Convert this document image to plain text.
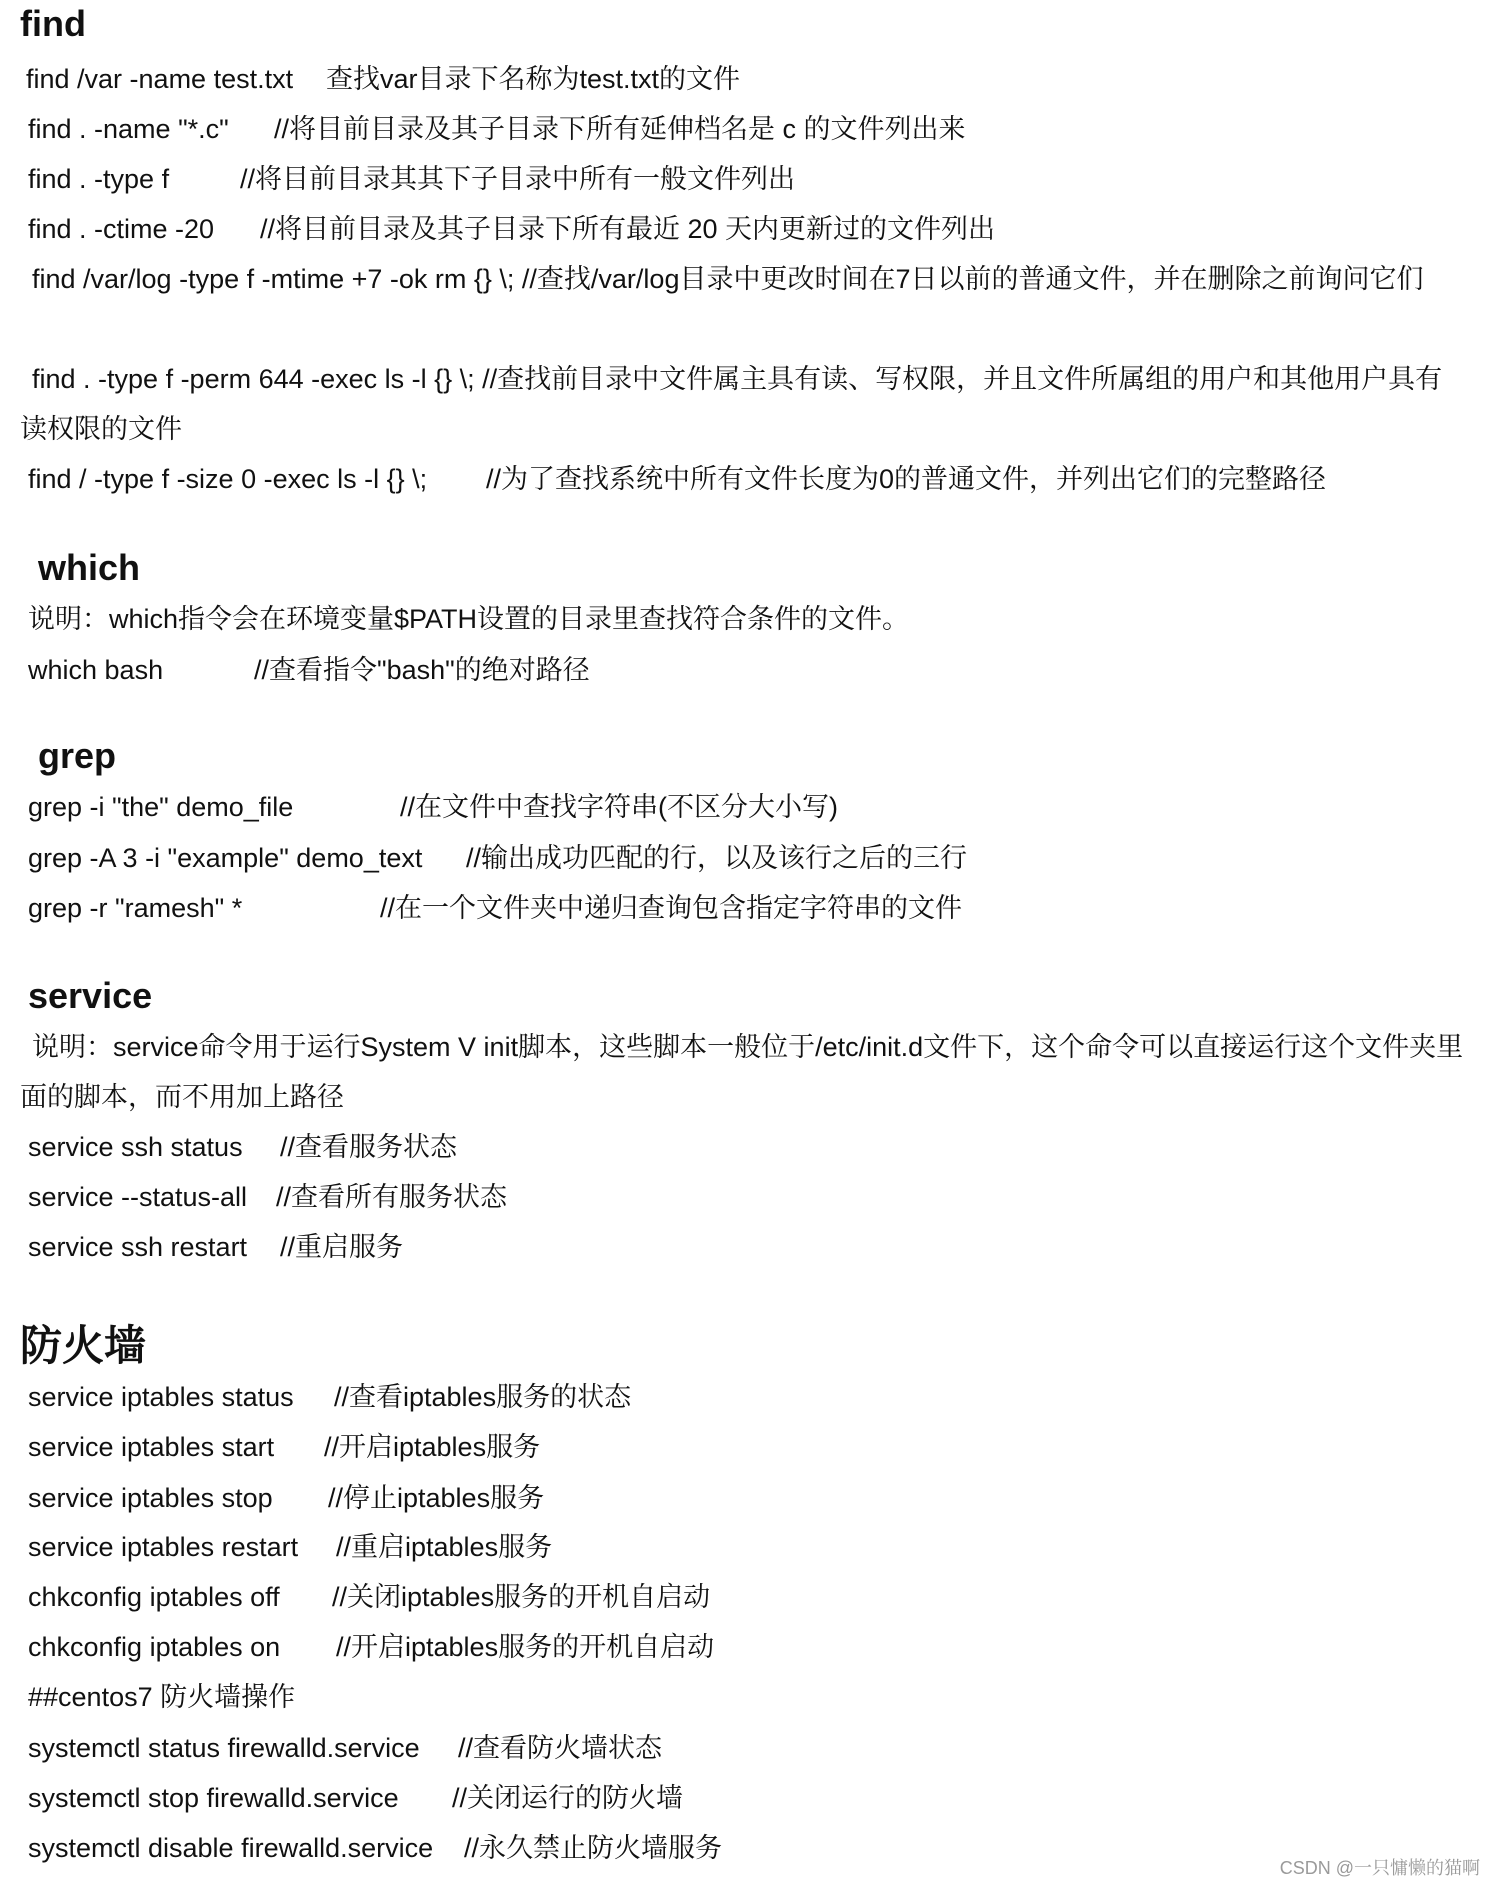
find
find /var -name test.txt 查找var目录下名称为test.txt的文件
find . -name "*.c" //将目前目录及其子目录下所有延伸档名是 c 的文件列出来
find . -type f	//将目前目录其其下子目录中所有一般文件列出
find . -ctime -20 //将目前目录及其子目录下所有最近 20 天内更新过的文件列出
find /var/log -type f -mtime +7 -ok rm {} \; //查找/var/log目录中更改时间在7日以前的普通文件，并在删除之前询问它们
find . -type f -perm 644 -exec ls -l {} \; //查找前目录中文件属主具有读、写权限，并且文件所属组的用户和其他用户具有读权限的文件
find / -type f -size 0 -exec ls -l {} \; //为了查找系统中所有文件长度为0的普通文件，并列出它们的完整路径
which
说明：which指令会在环境变量$PATH设置的目录里查找符合条件的文件。
which bash	//查看指令"bash"的绝对路径
grep
grep -i "the" demo_file	//在文件中查找字符串(不区分大小写)
grep -A 3 -i "example" demo_text //输出成功匹配的行，以及该行之后的三行
grep -r "ramesh" *	//在一个文件夹中递归查询包含指定字符串的文件
service
说明：service命令用于运行System V init脚本，这些脚本一般位于/etc/init.d文件下，这个命令可以直接运行这个文件夹里面的脚本，而不用加上路径
service ssh status //查看服务状态
service --status-all //查看所有服务状态
service ssh restart //重启服务
防火墙
service iptables status //查看iptables服务的状态
service iptables start //开启iptables服务
service iptables stop //停止iptables服务
service iptables restart //重启iptables服务
chkconfig iptables off //关闭iptables服务的开机自启动
chkconfig iptables on //开启iptables服务的开机自启动
##centos7 防火墙操作
systemctl status firewalld.service //查看防火墙状态
systemctl stop firewalld.service //关闭运行的防火墙
systemctl disable firewalld.service //永久禁止防火墙服务
CSDN @一只慵懒的猫啊
